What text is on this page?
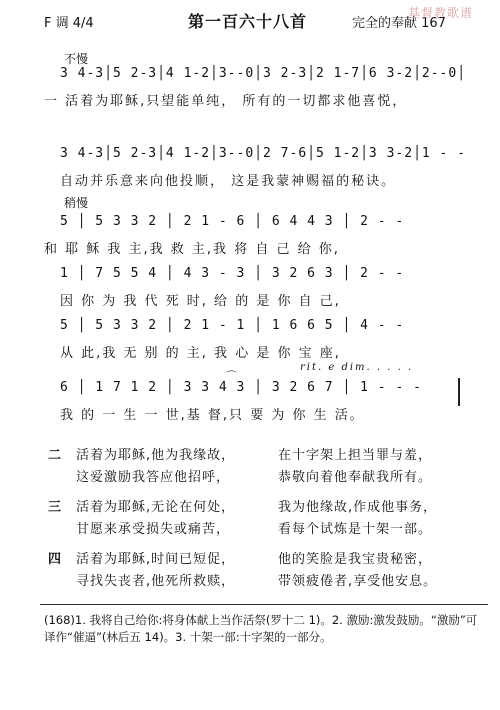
F 调 4/4	第一百六十八首	完全的奉献 167
基督教歌谱
不慢
稍慢
3 4-3│5 2-3│4 1-2│3--0│3 2-3│2 1-7│6 3-2│2--0│
一 活着为耶稣,只望能单纯， 所有的一切都求他喜悦，
3 4-3│5 2-3│4 1-2│3--0│2 7-6│5 1-2│3 3-2│1 - -
自动并乐意来向他投顺， 这是我蒙神赐福的秘诀。
5 │ 5 3 3 2 │ 2 1 - 6 │ 6 4 4 3 │ 2 - -
和 耶 稣 我 主,我 救 主,我 将 自 己 给 你,
1 │ 7 5 5 4 │ 4 3 - 3 │ 3 2 6 3 │ 2 - -
因 你 为 我 代 死 时, 给 的 是 你 自 己,
5 │ 5 3 3 2 │ 2 1 - 1 │ 1 6 6 5 │ 4 - -
从 此,我 无 别 的 主, 我 心 是 你 宝 座,
rit. e dim. . . . .
6 │ 1 7 1 2 │ 3 3 4 3 │ 3 2 6 7 │ 1 - - -
⌒
我 的 一 生 一 世,基 督,只 要 为 你 生 活。
二 活着为耶稣,他为我缘故，	在十字架上担当罪与羞，
这爱激励我答应他招呼，	恭敬向着他奉献我所有。
三 活着为耶稣,无论在何处，	我为他缘故,作成他事务，
甘愿来承受损失或痛苦，	看每个试炼是十架一部。
四 活着为耶稣,时间已短促，	他的笑脸是我宝贵秘密，
寻找失丧者,他死所救赎，	带领疲倦者,享受他安息。
(168)1. 我将自己给你:将身体献上当作活祭(罗十二 1)。2. 激励:激发鼓励。“激励”可译作“催逼”(林后五 14)。3. 十架一部:十字架的一部分。
